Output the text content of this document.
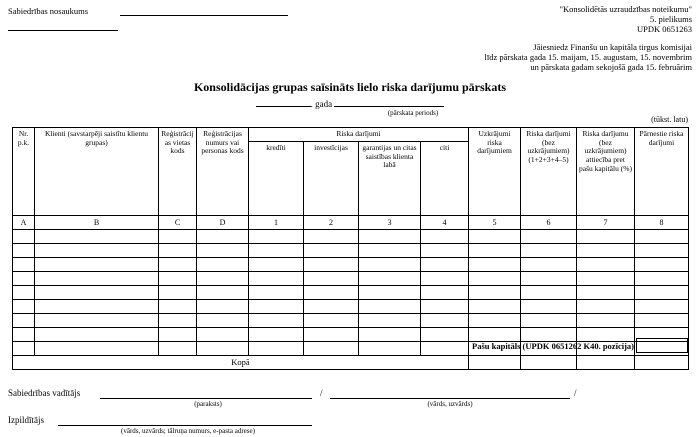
Sabiedrības nosaukums	"Konsolidētās uzraudzības noteikumu"
5. pielikums
UPDK 0651263
Jāiesniedz Finanšu un kapitāla tirgus komisijai
līdz pārskata gada 15. maijam, 15. augustam, 15. novembrim
un pārskata gadam sekojošā gada 15. februārim
Konsolidācijas grupas saīsināts lielo riska darījumu pārskats
. gada
(pārskata periods)
(tūkst. latu)
Nr. p.k.	Klienti (savstarpēji saistītu klientu grupas)	Reģistrācijas vietas kods	Reģistrācijas numurs vai personas kods	Riska darījumi				Uzkrājumi riska darījumiem	Riska darījumi (bez uzkrājumiem) (1+2+3+4–5)	Riska darījumu (bez uzkrājumiem) attiecība pret pašu kapitālu (%)	Pārnestie riska darījumi
				kredīti	investīcijas	garantijas un citas saistības klienta labā	citi				
A	B	C	D	1	2	3	4	5	6	7	8

Kopā											
Pašu kapitāls (UPDK 0651262 K40. pozīcija)
Sabiedrības vadītājs
(paraksts)
/
(vārds, uzvārds)
/
Izpildītājs
(vārds, uzvārds; tālruņa numurs, e-pasta adrese)
